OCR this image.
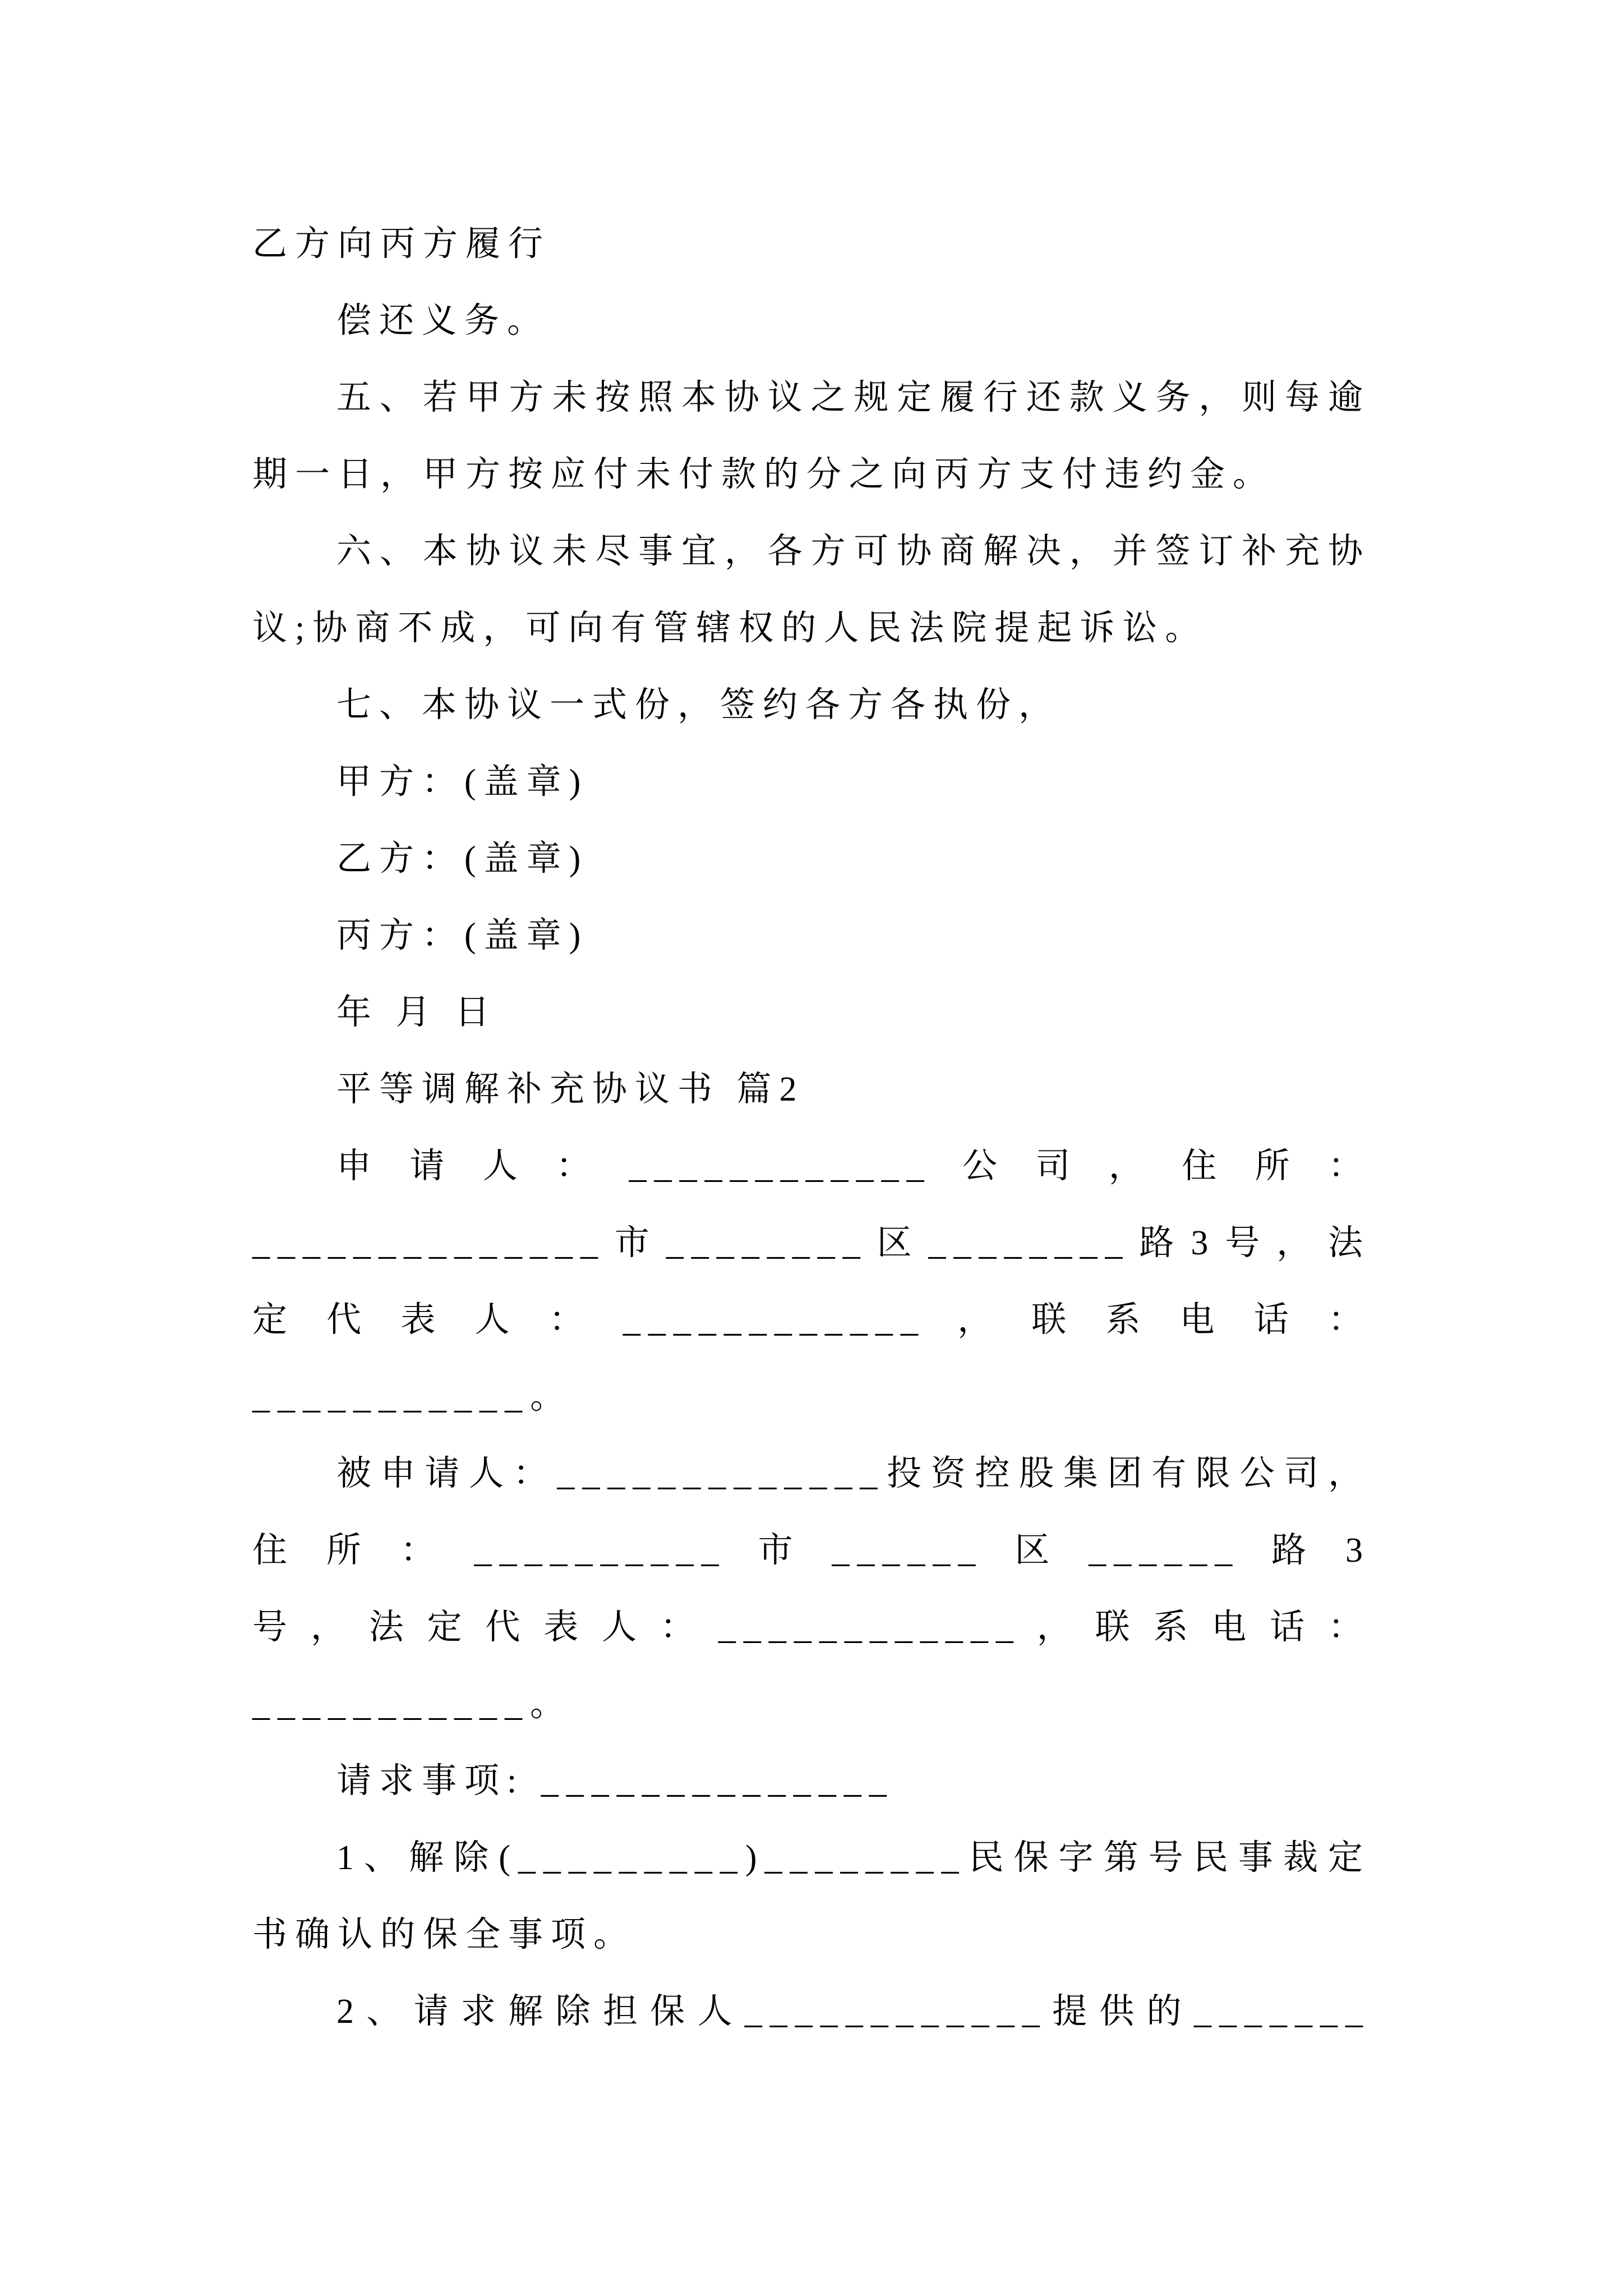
乙方向丙方履行
偿还义务。
五、若甲方未按照本协议之规定履行还款义务，则每逾
期一日，甲方按应付未付款的分之向丙方支付违约金。
六、本协议未尽事宜，各方可协商解决，并签订补充协
议;协商不成，可向有管辖权的人民法院提起诉讼。
七、本协议一式份，签约各方各执份，
甲方：(盖章)
乙方：(盖章)
丙方：(盖章)
年 月 日
平等调解补充协议书 篇2
申请人：____________公司，住所：
______________市________区________路3号，法
定代表人：____________，联系电话：
___________。
被申请人：_____________投资控股集团有限公司，
住所：__________市______区______路3
号，法定代表人：____________，联系电话：
___________。
请求事项: ______________
1、解除(_________)________民保字第号民事裁定
书确认的保全事项。
2、请求解除担保人____________提供的_______
